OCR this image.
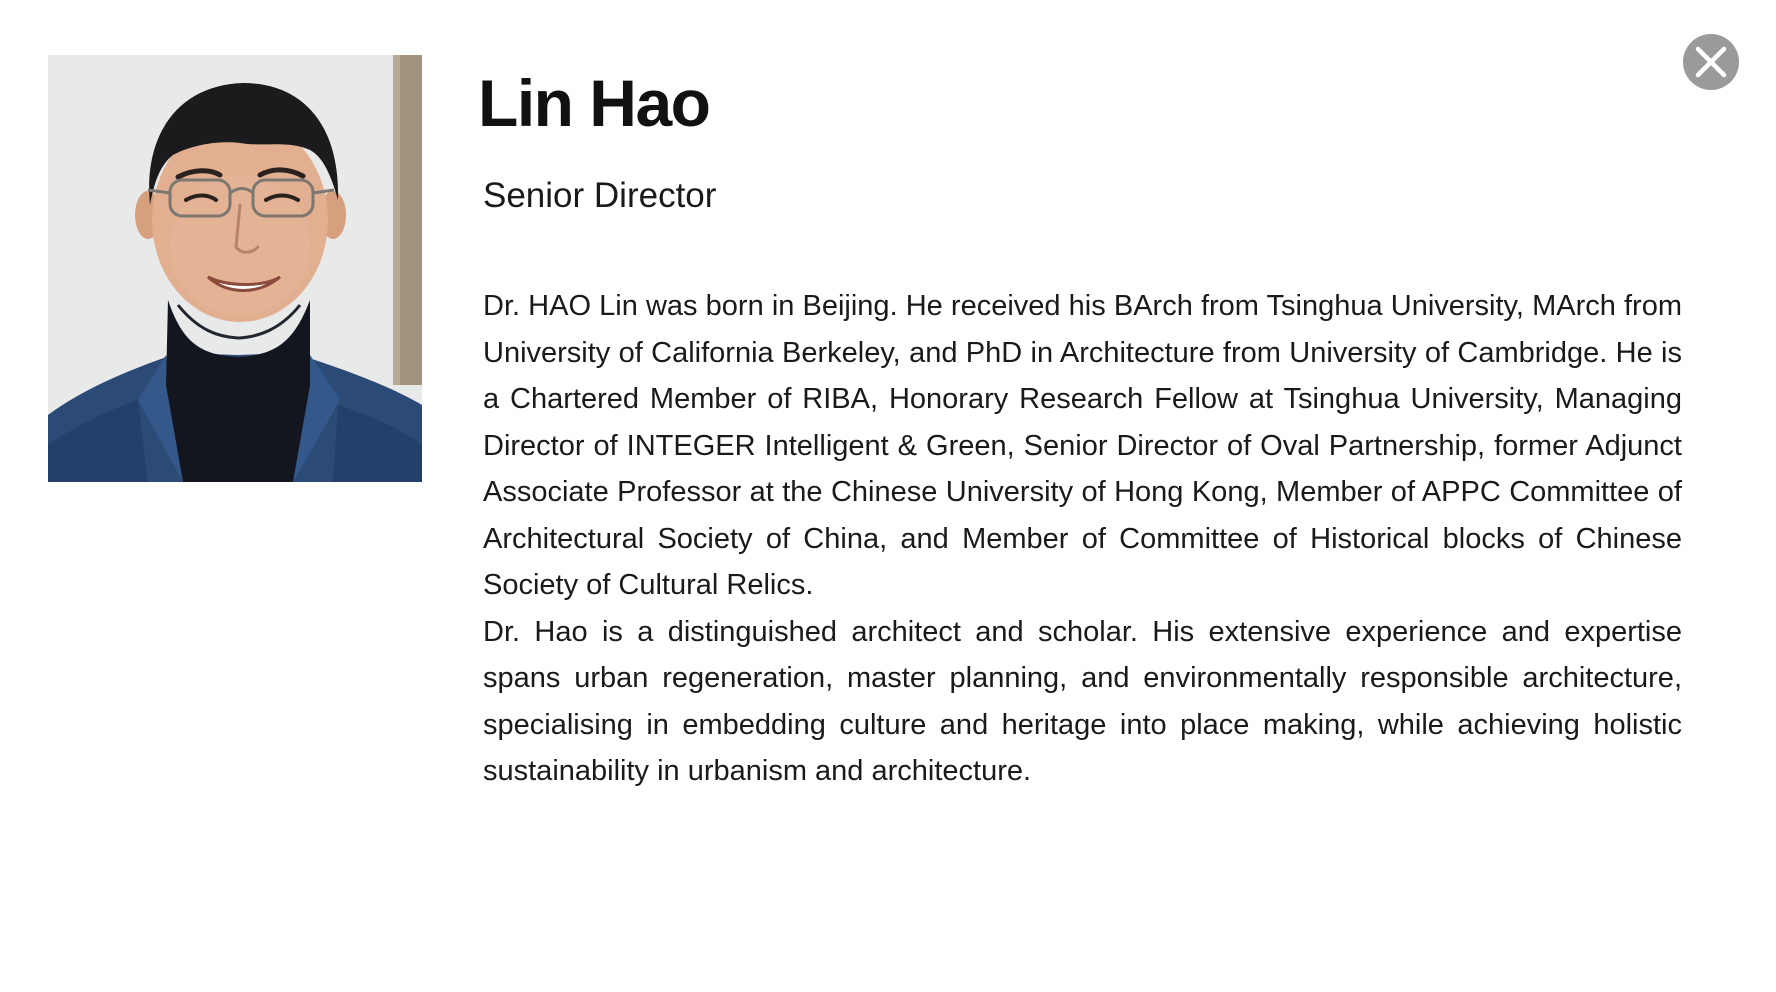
Lin Hao
Senior Director

Dr. HAO Lin was born in Beijing. He received his BArch from Tsinghua University, MArch from University of California Berkeley, and PhD in Architecture from University of Cambridge. He is a Chartered Member of RIBA, Honorary Research Fellow at Tsinghua University, Managing Director of INTEGER Intelligent & Green, Senior Director of Oval Partnership, former Adjunct Associate Professor at the Chinese University of Hong Kong, Member of APPC Committee of Architectural Society of China, and Member of Committee of Historical blocks of Chinese Society of Cultural Relics.

Dr. Hao is a distinguished architect and scholar. His extensive experience and expertise spans urban regeneration, master planning, and environmentally responsible architecture, specialising in embedding culture and heritage into place making, while achieving holistic sustainability in urbanism and architecture.
